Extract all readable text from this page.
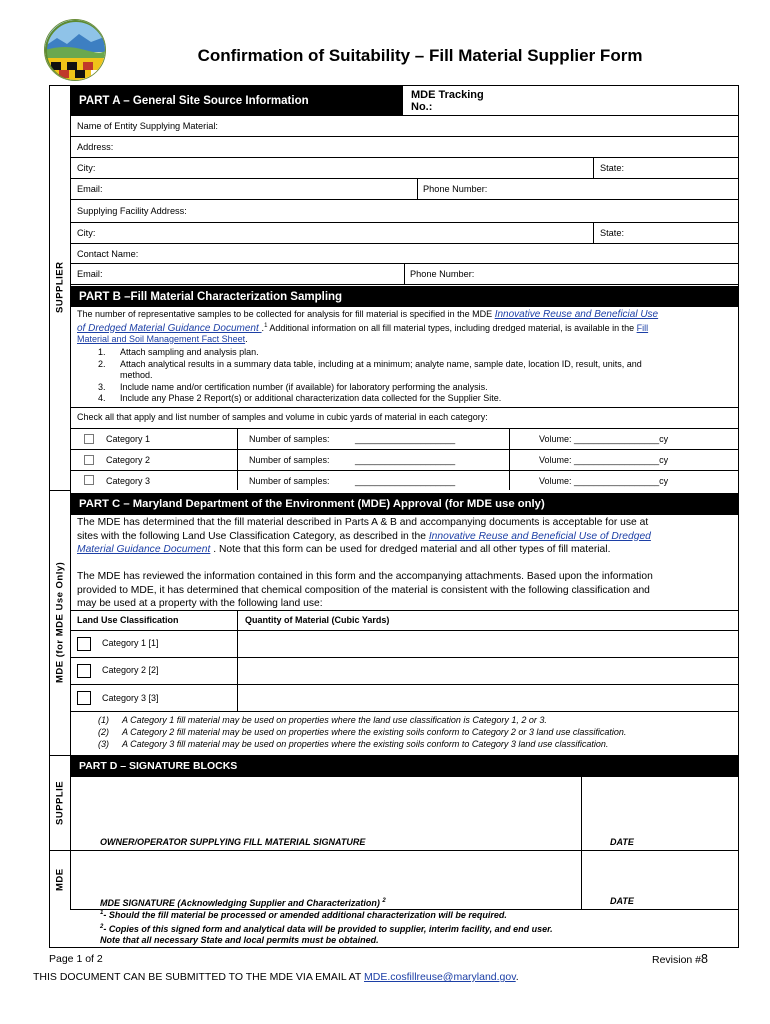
Confirmation of Suitability – Fill Material Supplier Form
SUPPLIER
MDE (for MDE Use Only)
SUPPLIE
MDE
PART A – General Site Source Information	MDE Tracking
No.:
Name of Entity Supplying Material:
Address:
City:	State:
Email:	Phone Number:
Supplying Facility Address:
City:	State:
Contact Name:
Email:	Phone Number:
PART B –Fill Material Characterization Sampling
The number of representative samples to be collected for analysis for fill material is specified in the MDE Innovative Reuse and Beneficial Use
of Dredged Material Guidance Document .$^1$ Additional information on all fill material types, including dredged material, is available in the Fill
Material and Soil Management Fact Sheet.
1.	Attach sampling and analysis plan.
2.	Attach analytical results in a summary data table, including at a minimum; analyte name, sample date, location ID, result, units, and
method.
3.	Include name and/or certification number (if available) for laboratory performing the analysis.
4.	Include any Phase 2 Report(s) or additional characterization data collected for the Supplier Site.
Check all that apply and list number of samples and volume in cubic yards of material in each category:
Category 1	Number of samples:	____________________	Volume: _________________cy
Category 2	Number of samples:	____________________	Volume: _________________cy
Category 3	Number of samples:	____________________	Volume: _________________cy
PART C – Maryland Department of the Environment (MDE) Approval (for MDE use only)
The MDE has determined that the fill material described in Parts A & B and accompanying documents is acceptable for use at
sites with the following Land Use Classification Category, as described in the Innovative Reuse and Beneficial Use of Dredged
Material Guidance Document . Note that this form can be used for dredged material and all other types of fill material.
The MDE has reviewed the information contained in this form and the accompanying attachments. Based upon the information
provided to MDE, it has determined that chemical composition of the material is consistent with the following classification and
may be used at a property with the following land use:
Land Use Classification	Quantity of Material (Cubic Yards)
Category 1 [1]
Category 2 [2]
Category 3 [3]
(1)	A Category 1 fill material may be used on properties where the land use classification is Category 1, 2 or 3.
(2)	A Category 2 fill material may be used on properties where the existing soils conform to Category 2 or 3 land use classification.
(3)	A Category 3 fill material may be used on properties where the existing soils conform to Category 3 land use classification.
PART D – SIGNATURE BLOCKS
OWNER/OPERATOR SUPPLYING FILL MATERIAL SIGNATURE	DATE
MDE SIGNATURE (Acknowledging Supplier and Characterization) $^2$	DATE
$^1$- Should the fill material be processed or amended additional characterization will be required.
$^2$- Copies of this signed form and analytical data will be provided to supplier, interim facility, and end user.
Note that all necessary State and local permits must be obtained.
Page 1 of 2	Revision #8
THIS DOCUMENT CAN BE SUBMITTED TO THE MDE VIA EMAIL AT MDE.cosfillreuse@maryland.gov.
